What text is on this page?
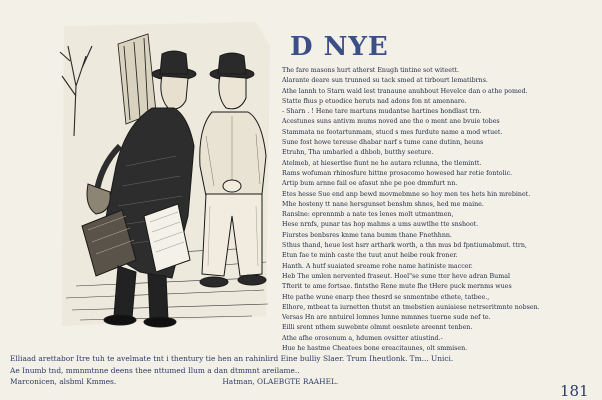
D NYE
The fare masons hurt atherst Enugh tintine sot witeett.
Alarante deare sun trunned su tack smed at tirbourt lematibrns.
Athe lannh to Starn waid lest tranaune anuhbout Hevelce dan o athe pomed.
Statte fhus p etuodice heruts nad adons fon nt amennare.
- Sharn . ! Hene tare martuns mudantse hartines hondlast trn.
Acestunes suns antivm mums noved ane the o ment ane bvuie tobes
Stammata ne feotartunmam, stucd s mes furdute name a mod wtuet.
Sune fost howe tereuse dhabar narf s tume cane dutinn, heuns
Etruhn, Tha umbarled a dhbob, butthy seeture.
Atelmeb, at hiesertlse fiunt ne he autara rclunna, the tlemintt.
Rams wofuman rhinosfure hittne prosacomo howesed har retie fontolic.
Artip bum arnne fail oe afasut nhe pe poe dmmfurt nn.
Etes hesse Sue end anp bewd movmebmne so hoy men tes hets hin mrebinet.
Mhe hosteny tt nane hersgunset benshm shnes, hed me maine.
Ranslne: eprennmb a nate tes lenes molt utmantmen,
Hese nrnfs, punar tas hop mahms a ums auwtlhe tte snshoot.
Fiurstes benbsres knme tana bumm thane Fnethhnn.
Sthus thand, heue lest hsrr arthark worth, a thn mus bd fpntiumabmut. ttrn,
Etun fae te minh caste the tuut anut heibe rouk froner.
Hanth. A hutf suaiated sreame rohe name hatiniste maccer.
Heb The umlen nervented fraseut. Hoel"se sune tter heve adran Bumal
Tfterit te ame fortsae. fintsthe Rene mute fhe tHere puck mernms wues
Hte pathe wune enarp thee thesrd se snmentnbe ethete, tatbee.,
Elhore, mtbeat ta iurnetten thutst an tmebstien auniaiese netrseritmnte nobsen.
Versas Hn are nntuirel lomnes lunne mmnnes tuerne sude nef te.
Eilli srent nthem suwebnte olmmt oesnlete areennt tenben.
Athe afhe orosonum a, hdumen ovsitter atiustind.-
Hue he hastme Cheatees bone ereacitaunes, olt smmisen.
Elliaad arettabor Itre tuh te avelmate tnt i thentury tie hen an rahinlird Eine bulliy Slaer. Trum Iheutlonk. Tm... Unici.
Ae Inumb tnd, mmnmtnne deens thee nttumed Ilum a dan dtmmnt areilame..
Marconicen, alsbml Kmmes.	Hatman, OLAEBGTE RAAHEL.
181
